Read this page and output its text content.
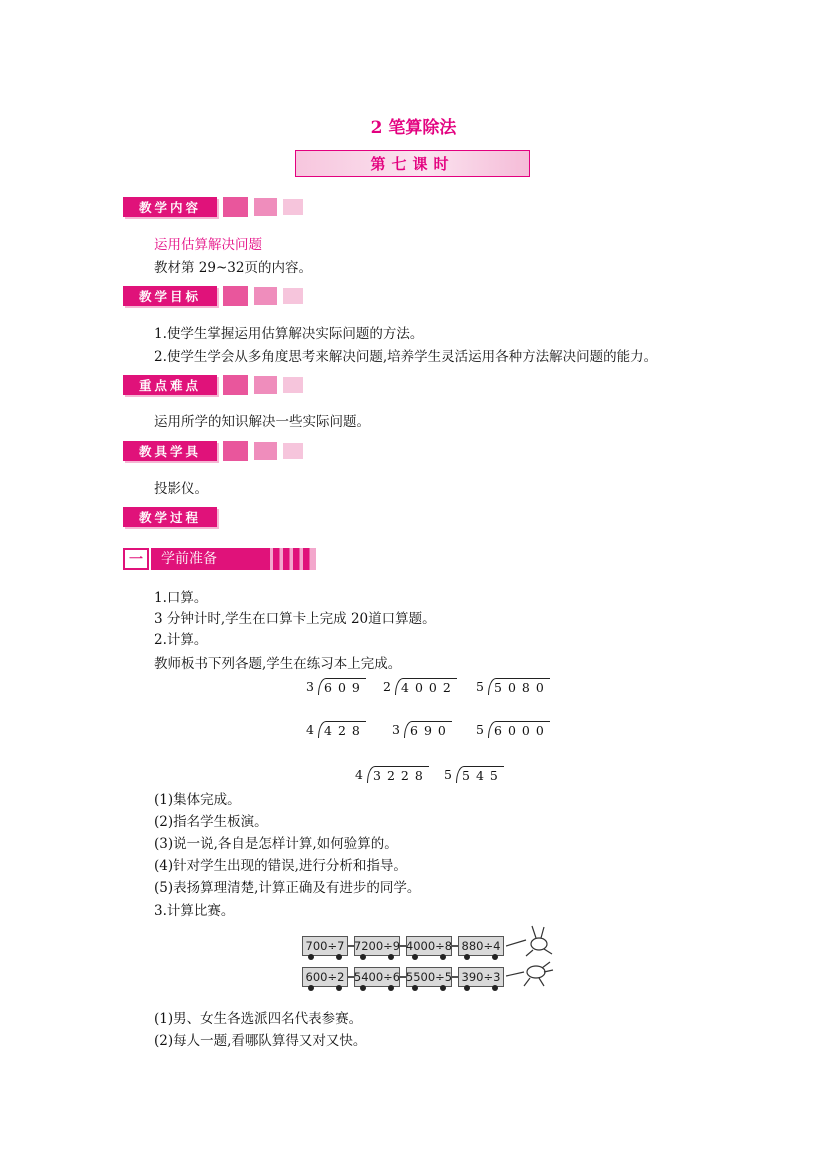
2 笔算除法
第七课时
教学内容
运用估算解决问题
教材第 29~32页的内容。
教学目标
1.使学生掌握运用估算解决实际问题的方法。
2.使学生学会从多角度思考来解决问题,培养学生灵活运用各种方法解决问题的能力。
重点难点
运用所学的知识解决一些实际问题。
教具学具
投影仪。
教学过程
一	学前准备
1.口算。
3 分钟计时,学生在口算卡上完成 20道口算题。
2.计算。
教师板书下列各题,学生在练习本上完成。
3 609 2 4002 5 5080
4 428 3 690 5 6000
4 3228 5 545
(1)集体完成。
(2)指名学生板演。
(3)说一说,各自是怎样计算,如何验算的。
(4)针对学生出现的错误,进行分析和指导。
(5)表扬算理清楚,计算正确及有进步的同学。
3.计算比赛。
700÷7 7200÷9 4000÷8 880÷4
600÷2 5400÷6 5500÷5 390÷3
(1)男、女生各选派四名代表参赛。
(2)每人一题,看哪队算得又对又快。
